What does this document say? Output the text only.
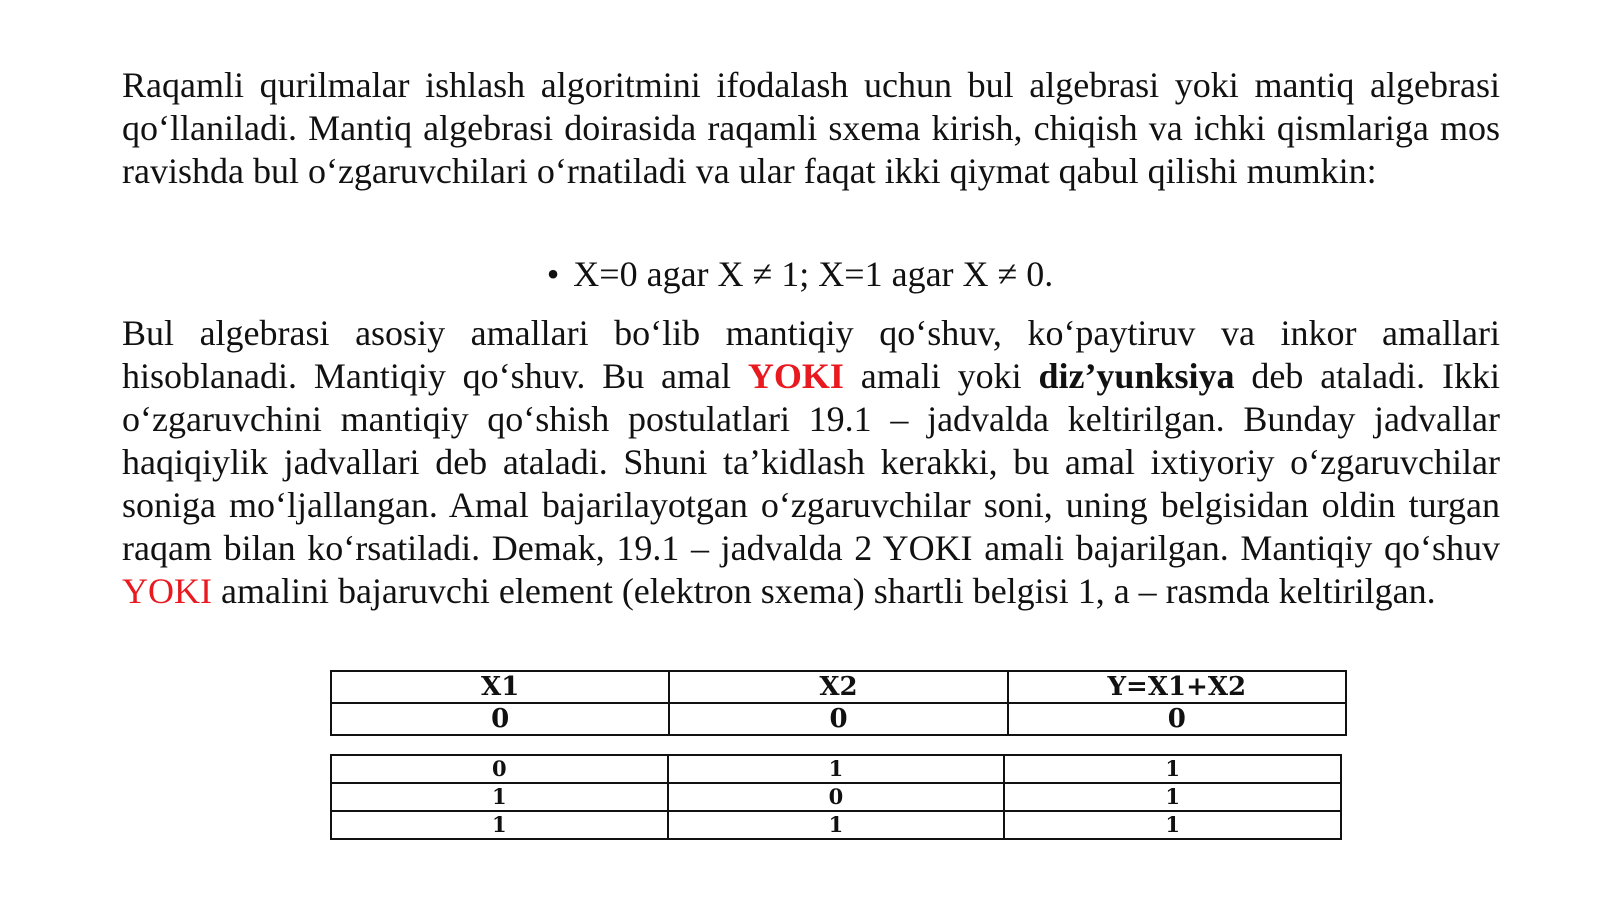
Raqamli qurilmalar ishlash algoritmini ifodalash uchun bul algebrasi yoki mantiq algebrasi qo‘llaniladi. Mantiq algebrasi doirasida raqamli sxema kirish, chiqish va ichki qismlariga mos ravishda bul o‘zgaruvchilari o‘rnatiladi va ular faqat ikki qiymat qabul qilishi mumkin:

• X=0 agar X ≠ 1; X=1 agar X ≠ 0.

Bul algebrasi asosiy amallari bo‘lib mantiqiy qo‘shuv, ko‘paytiruv va inkor amallari hisoblanadi. Mantiqiy qo‘shuv. Bu amal YOKI amali yoki diz’yunksiya deb ataladi. Ikki o‘zgaruvchini mantiqiy qo‘shish postulatlari 19.1 – jadvalda keltirilgan. Bunday jadvallar haqiqiylik jadvallari deb ataladi. Shuni ta’kidlash kerakki, bu amal ixtiyoriy o‘zgaruvchilar soniga mo‘ljallangan. Amal bajarilayotgan o‘zgaruvchilar soni, uning belgisidan oldin turgan raqam bilan ko‘rsatiladi. Demak, 19.1 – jadvalda 2 YOKI amali bajarilgan. Mantiqiy qo‘shuv YOKI amalini bajaruvchi element (elektron sxema) shartli belgisi 1, a – rasmda keltirilgan.

X1	X2	Y=X1+X2
0	0	0
0	1	1
1	0	1
1	1	1
